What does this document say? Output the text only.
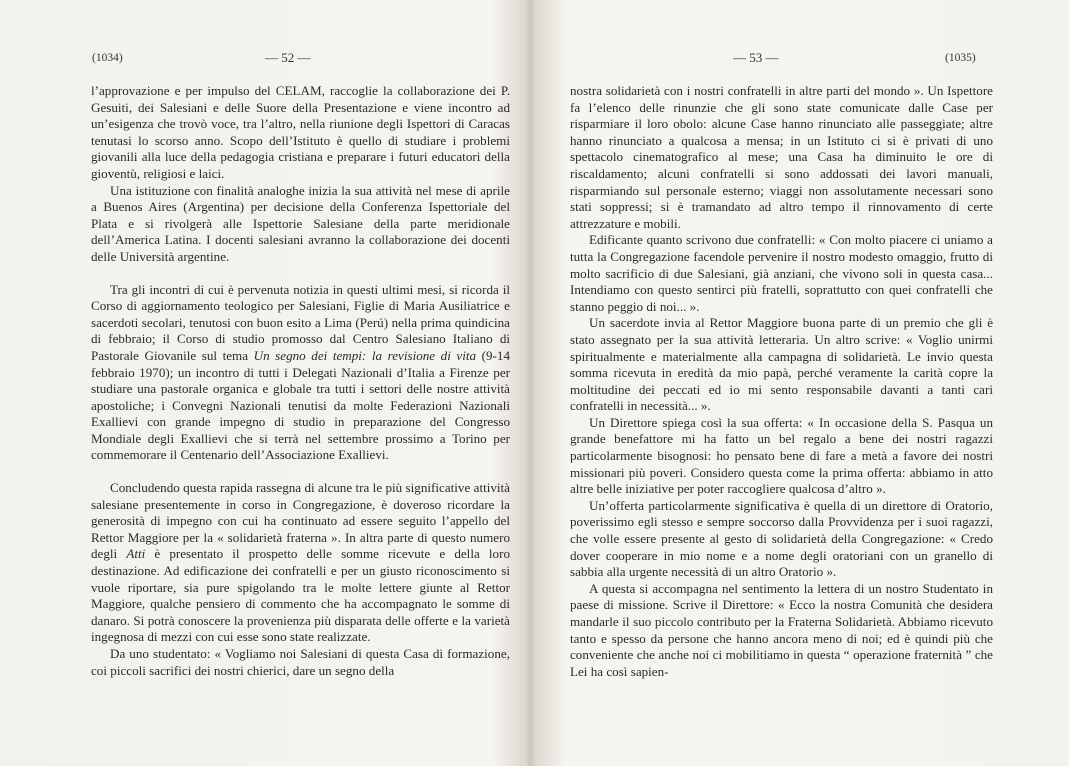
(1034)	— 52 —

l’approvazione e per impulso del CELAM, raccoglie la collaborazione dei P. Gesuiti, dei Salesiani e delle Suore della Presentazione e viene incontro ad un’esigenza che trovò voce, tra l’altro, nella riunione degli Ispettori di Caracas tenutasi lo scorso anno. Scopo dell’Istituto è quello di studiare i problemi giovanili alla luce della pedagogia cristiana e preparare i futuri educatori della gioventù, religiosi e laici.

Una istituzione con finalità analoghe inizia la sua attività nel mese di aprile a Buenos Aires (Argentina) per decisione della Conferenza Ispettoriale del Plata e si rivolgerà alle Ispettorie Salesiane della parte meridionale dell’America Latina. I docenti salesiani avranno la collaborazione dei docenti delle Università argentine.

Tra gli incontri di cui è pervenuta notizia in questi ultimi mesi, si ricorda il Corso di aggiornamento teologico per Salesiani, Figlie di Maria Ausiliatrice e sacerdoti secolari, tenutosi con buon esito a Lima (Perú) nella prima quindicina di febbraio; il Corso di studio promosso dal Centro Salesiano Italiano di Pastorale Giovanile sul tema Un segno dei tempi: la revisione di vita (9-14 febbraio 1970); un incontro di tutti i Delegati Nazionali d’Italia a Firenze per studiare una pastorale organica e globale tra tutti i settori delle nostre attività apostoliche; i Convegni Nazionali tenutisi da molte Federazioni Nazionali Exallievi con grande impegno di studio in preparazione del Congresso Mondiale degli Exallievi che si terrà nel settembre prossimo a Torino per commemorare il Centenario dell’Associazione Exallievi.

Concludendo questa rapida rassegna di alcune tra le più significative attività salesiane presentemente in corso in Congregazione, è doveroso ricordare la generosità di impegno con cui ha continuato ad essere seguito l’appello del Rettor Maggiore per la « solidarietà fraterna ». In altra parte di questo numero degli Atti è presentato il prospetto delle somme ricevute e della loro destinazione. Ad edificazione dei confratelli e per un giusto riconoscimento si vuole riportare, sia pure spigolando tra le molte lettere giunte al Rettor Maggiore, qualche pensiero di commento che ha accompagnato le somme di danaro. Si potrà conoscere la provenienza più disparata delle offerte e la varietà ingegnosa di mezzi con cui esse sono state realizzate.

Da uno studentato: « Vogliamo noi Salesiani di questa Casa di formazione, coi piccoli sacrifici dei nostri chierici, dare un segno della

— 53 —	(1035)

nostra solidarietà con i nostri confratelli in altre parti del mondo ». Un Ispettore fa l’elenco delle rinunzie che gli sono state comunicate dalle Case per risparmiare il loro obolo: alcune Case hanno rinunciato alle passeggiate; altre hanno rinunciato a qualcosa a mensa; in un Istituto ci si è privati di uno spettacolo cinematografico al mese; una Casa ha diminuito le ore di riscaldamento; alcuni confratelli si sono addossati dei lavori manuali, risparmiando sul personale esterno; viaggi non assolutamente necessari sono stati soppressi; si è tramandato ad altro tempo il rinnovamento di certe attrezzature e mobili.

Edificante quanto scrivono due confratelli: « Con molto piacere ci uniamo a tutta la Congregazione facendole pervenire il nostro modesto omaggio, frutto di molto sacrificio di due Salesiani, già anziani, che vivono soli in questa casa... Intendiamo con questo sentirci più fratelli, soprattutto con quei confratelli che stanno peggio di noi... ».

Un sacerdote invia al Rettor Maggiore buona parte di un premio che gli è stato assegnato per la sua attività letteraria. Un altro scrive: « Voglio unirmi spiritualmente e materialmente alla campagna di solidarietà. Le invio questa somma ricevuta in eredità da mio papà, perché veramente la carità copre la moltitudine dei peccati ed io mi sento responsabile davanti a tanti cari confratelli in necessità... ».

Un Direttore spiega così la sua offerta: « In occasione della S. Pasqua un grande benefattore mi ha fatto un bel regalo a bene dei nostri ragazzi particolarmente bisognosi: ho pensato bene di fare a metà a favore dei nostri missionari più poveri. Considero questa come la prima offerta: abbiamo in atto altre belle iniziative per poter raccogliere qualcosa d’altro ».

Un’offerta particolarmente significativa è quella di un direttore di Oratorio, poverissimo egli stesso e sempre soccorso dalla Provvidenza per i suoi ragazzi, che volle essere presente al gesto di solidarietà della Congregazione: « Credo dover cooperare in mio nome e a nome degli oratoriani con un granello di sabbia alla urgente necessità di un altro Oratorio ».

A questa si accompagna nel sentimento la lettera di un nostro Studentato in paese di missione. Scrive il Direttore: « Ecco la nostra Comunità che desidera mandarle il suo piccolo contributo per la Fraterna Solidarietà. Abbiamo ricevuto tanto e spesso da persone che hanno ancora meno di noi; ed è quindi più che conveniente che anche noi ci mobilitiamo in questa “ operazione fraternità ” che Lei ha così sapien-
